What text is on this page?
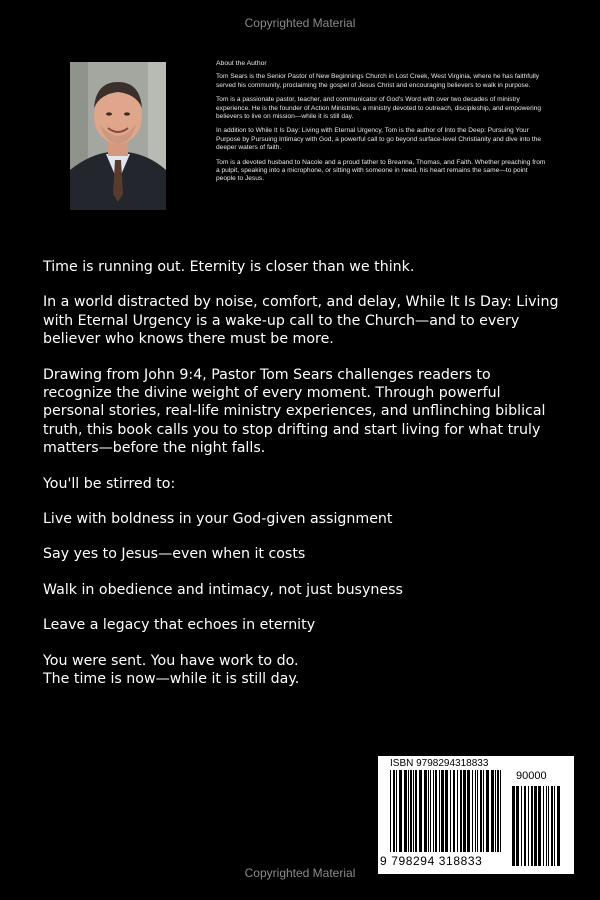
Copyrighted Material
About the Author

Tom Sears is the Senior Pastor of New Beginnings Church in Lost Creek, West Virginia, where he has faithfully served his community, proclaiming the gospel of Jesus Christ and encouraging believers to walk in purpose.

Tom is a passionate pastor, teacher, and communicator of God's Word with over two decades of ministry experience. He is the founder of Action Ministries, a ministry devoted to outreach, discipleship, and empowering believers to live on mission—while it is still day.

In addition to While It Is Day: Living with Eternal Urgency, Tom is the author of Into the Deep: Pursuing Your Purpose by Pursuing Intimacy with God, a powerful call to go beyond surface-level Christianity and dive into the deeper waters of faith.

Tom is a devoted husband to Nacole and a proud father to Breanna, Thomas, and Faith. Whether preaching from a pulpit, speaking into a microphone, or sitting with someone in need, his heart remains the same—to point people to Jesus.

Time is running out. Eternity is closer than we think.

In a world distracted by noise, comfort, and delay, While It Is Day: Living with Eternal Urgency is a wake-up call to the Church—and to every believer who knows there must be more.

Drawing from John 9:4, Pastor Tom Sears challenges readers to recognize the divine weight of every moment. Through powerful personal stories, real-life ministry experiences, and unflinching biblical truth, this book calls you to stop drifting and start living for what truly matters—before the night falls.

You'll be stirred to:

Live with boldness in your God-given assignment

Say yes to Jesus—even when it costs

Walk in obedience and intimacy, not just busyness

Leave a legacy that echoes in eternity

You were sent. You have work to do.

The time is now—while it is still day.

ISBN 9798294318833
90000
9 798294 318833
Copyrighted Material
